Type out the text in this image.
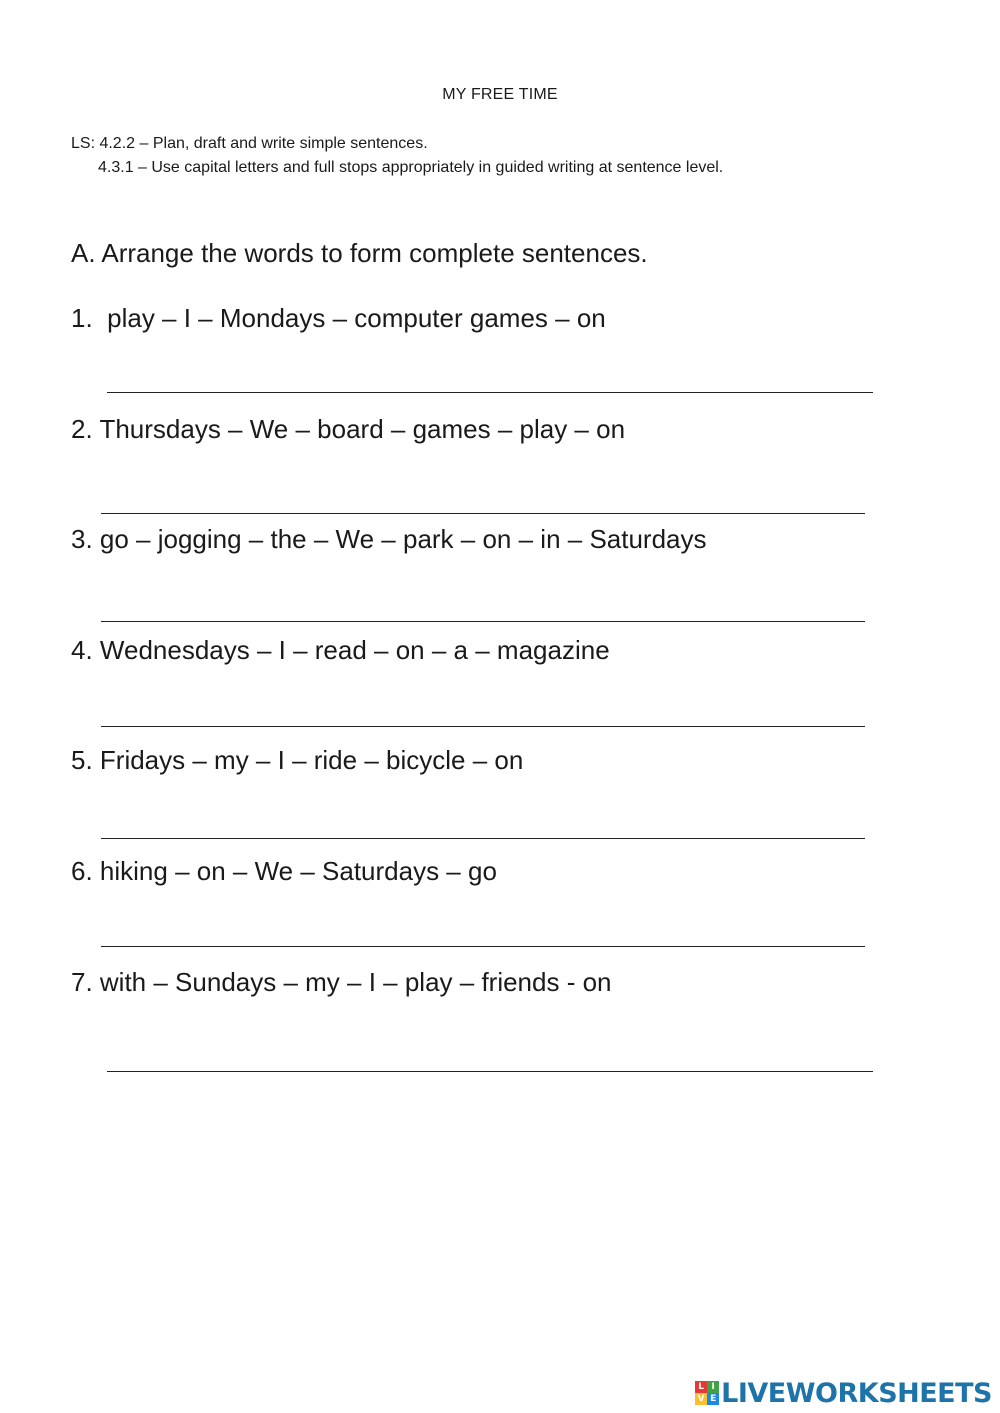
MY FREE TIME
LS: 4.2.2 – Plan, draft and write simple sentences.
4.3.1 – Use capital letters and full stops appropriately in guided writing at sentence level.
A. Arrange the words to form complete sentences.
1.  play – I – Mondays – computer games – on
2. Thursdays – We – board – games – play – on
3. go – jogging – the – We – park – on – in – Saturdays
4. Wednesdays – I – read – on – a – magazine
5. Fridays – my – I – ride – bicycle – on
6. hiking – on – We – Saturdays – go
7. with – Sundays – my – I – play – friends - on
L I
V E LIVEWORKSHEETS
